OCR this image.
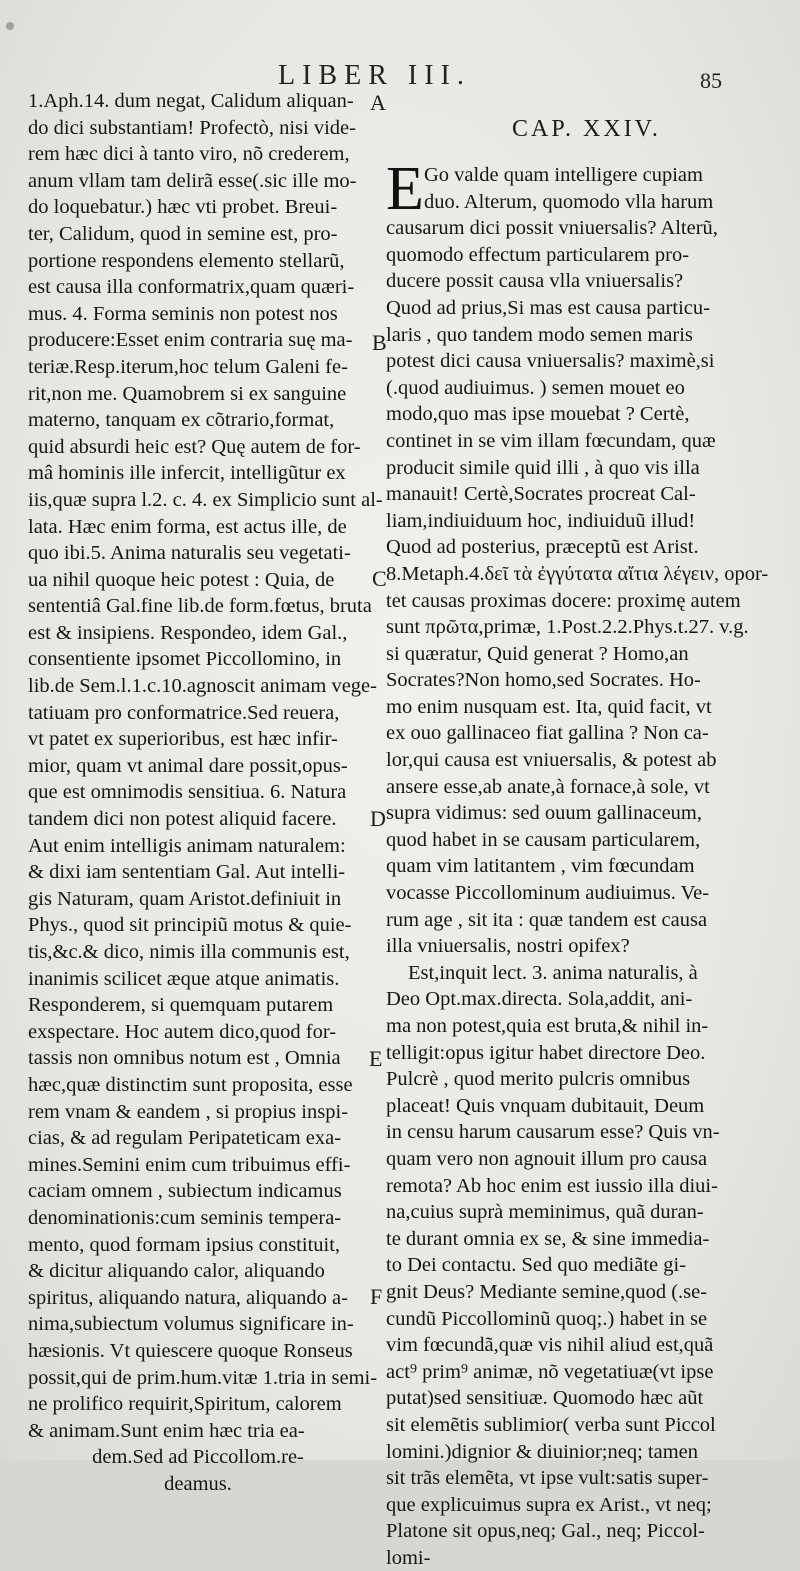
LIBER III.	85
CAP. XXIV.
E
A
B
C
D
E
F
1.Aph.14. dum negat, Calidum aliquan-
do dici substantiam! Profectò, nisi vide-
rem hæc dici à tanto viro, nõ crederem,
anum vllam tam delirã esse(.sic ille mo-
do loquebatur.) hæc vti probet. Breui-
ter, Calidum, quod in semine est, pro-
portione respondens elemento stellarũ,
est causa illa conformatrix,quam quæri-
mus. 4. Forma seminis non potest nos
producere:Esset enim contraria suę ma-
teriæ.Resp.iterum,hoc telum Galeni fe-
rit,non me. Quamobrem si ex sanguine
materno, tanquam ex cõtrario,format,
quid absurdi heic est? Quę autem de for-
mâ hominis ille infercit, intelligũtur ex
iis,quæ supra l.2. c. 4. ex Simplicio sunt al-
lata. Hæc enim forma, est actus ille, de
quo ibi.5. Anima naturalis seu vegetati-
ua nihil quoque heic potest : Quia, de
sententiâ Gal.fine lib.de form.fœtus, bruta
est & insipiens. Respondeo, idem Gal.,
consentiente ipsomet Piccollomino, in
lib.de Sem.l.1.c.10.agnoscit animam vege-
tatiuam pro conformatrice.Sed reuera,
vt patet ex superioribus, est hæc infir-
mior, quam vt animal dare possit,opus-
que est omnimodis sensitiua. 6. Natura
tandem dici non potest aliquid facere.
Aut enim intelligis animam naturalem:
& dixi iam sententiam Gal. Aut intelli-
gis Naturam, quam Aristot.definiuit in
Phys., quod sit principiũ motus & quie-
tis,&c.& dico, nimis illa communis est,
inanimis scilicet æque atque animatis.
Responderem, si quemquam putarem
exspectare. Hoc autem dico,quod for-
tassis non omnibus notum est , Omnia
hæc,quæ distinctim sunt proposita, esse
rem vnam & eandem , si propius inspi-
cias, & ad regulam Peripateticam exa-
mines.Semini enim cum tribuimus effi-
caciam omnem , subiectum indicamus
denominationis:cum seminis tempera-
mento, quod formam ipsius constituit,
& dicitur aliquando calor, aliquando
spiritus, aliquando natura, aliquando a-
nima,subiectum volumus significare in-
hæsionis. Vt quiescere quoque Ronseus
possit,qui de prim.hum.vitæ 1.tria in semi-
ne prolifico requirit,Spiritum, calorem
& animam.Sunt enim hæc tria ea-
dem.Sed ad Piccollom.re-
deamus.
Go valde quam intelligere cupiam
duo. Alterum, quomodo vlla harum
causarum dici possit vniuersalis? Alterũ,
quomodo effectum particularem pro-
ducere possit causa vlla vniuersalis?
Quod ad prius,Si mas est causa particu-
laris , quo tandem modo semen maris
potest dici causa vniuersalis? maximè,si
(.quod audiuimus. ) semen mouet eo
modo,quo mas ipse mouebat ? Certè,
continet in se vim illam fœcundam, quæ
producit simile quid illi , à quo vis illa
manauit! Certè,Socrates procreat Cal-
liam,indiuiduum hoc, indiuiduũ illud!
Quod ad posterius, præceptũ est Arist.
8.Metaph.4.δεῖ τὰ ἐγγύτατα αἴτια λέγειν, opor-
tet causas proximas docere: proximę autem
sunt πρῶτα,primæ, 1.Post.2.2.Phys.t.27. v.g.
si quæratur, Quid generat ? Homo,an
Socrates?Non homo,sed Socrates. Ho-
mo enim nusquam est. Ita, quid facit, vt
ex ouo gallinaceo fiat gallina ? Non ca-
lor,qui causa est vniuersalis, & potest ab
ansere esse,ab anate,à fornace,à sole, vt
supra vidimus: sed ouum gallinaceum,
quod habet in se causam particularem,
quam vim latitantem , vim fœcundam
vocasse Piccollominum audiuimus. Ve-
rum age , sit ita : quæ tandem est causa
illa vniuersalis, nostri opifex?
Est,inquit lect. 3. anima naturalis, à
Deo Opt.max.directa. Sola,addit, ani-
ma non potest,quia est bruta,& nihil in-
telligit:opus igitur habet directore Deo.
Pulcrè , quod merito pulcris omnibus
placeat! Quis vnquam dubitauit, Deum
in censu harum causarum esse? Quis vn-
quam vero non agnouit illum pro causa
remota? Ab hoc enim est iussio illa diui-
na,cuius suprà meminimus, quã duran-
te durant omnia ex se, & sine immedia-
to Dei contactu. Sed quo mediãte gi-
gnit Deus? Mediante semine,quod (.se-
cundũ Piccollominũ quoq;.) habet in se
vim fœcundã,quæ vis nihil aliud est,quã
act⁹ prim⁹ animæ, nõ vegetatiuæ(vt ipse
putat)sed sensitiuæ. Quomodo hæc aũt
sit elemẽtis sublimior( verba sunt Piccol
lomini.)dignior & diuinior;neq; tamen
sit trãs elemẽta, vt ipse vult:satis super-
que explicuimus supra ex Arist., vt neq;
Platone sit opus,neq; Gal., neq; Piccol-
lomi-
